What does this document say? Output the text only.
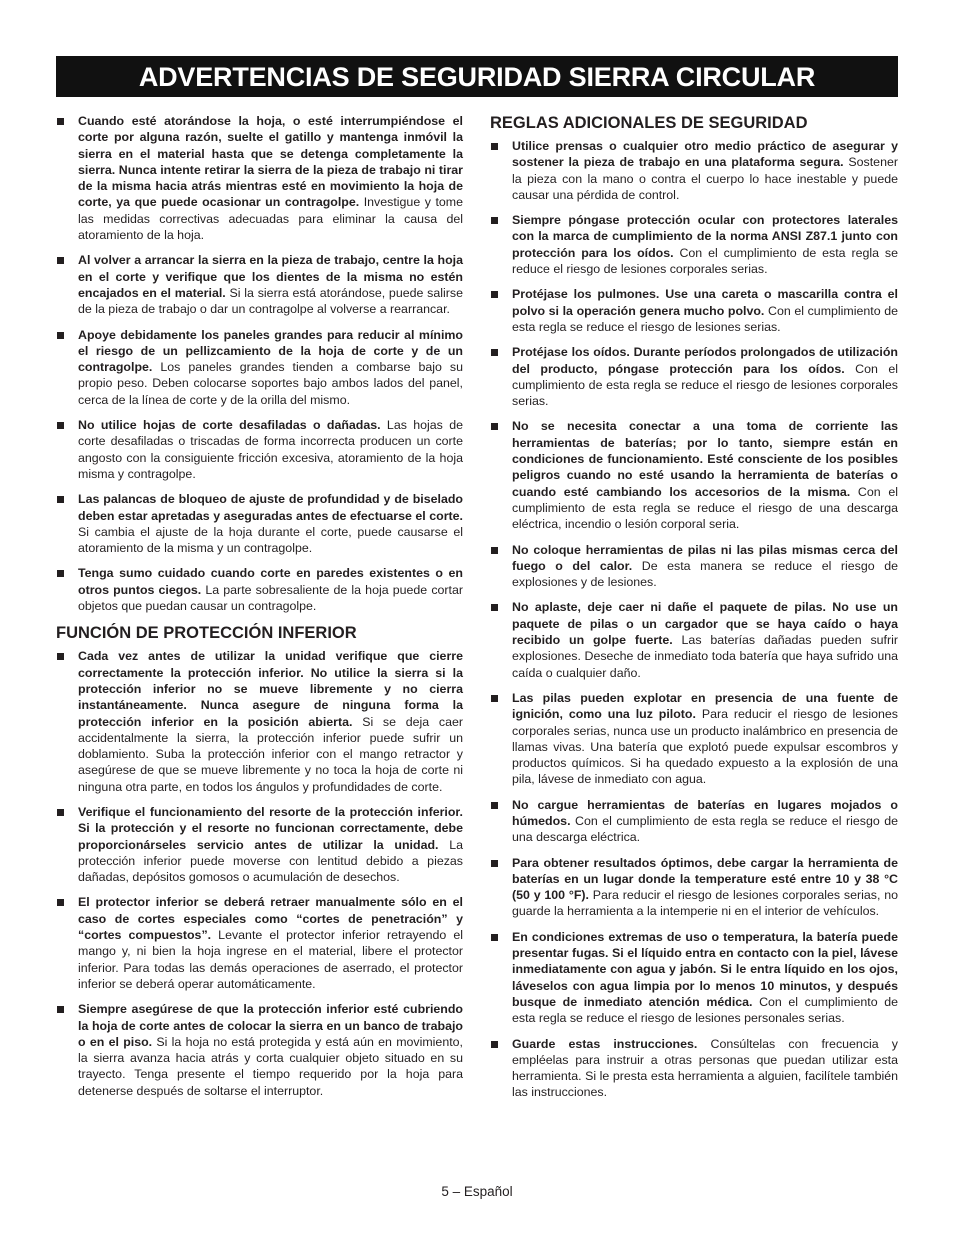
ADVERTENCIAS DE SEGURIDAD SIERRA CIRCULAR
Cuando esté atorándose la hoja, o esté interrumpiéndose el corte por alguna razón, suelte el gatillo y mantenga inmóvil la sierra en el material hasta que se detenga completamente la sierra. Nunca intente retirar la sierra de la pieza de trabajo ni tirar de la misma hacia atrás mientras esté en movimiento la hoja de corte, ya que puede ocasionar un contragolpe. Investigue y tome las medidas correctivas adecuadas para eliminar la causa del atoramiento de la hoja.
Al volver a arrancar la sierra en la pieza de trabajo, centre la hoja en el corte y verifique que los dientes de la misma no estén encajados en el material. Si la sierra está atorándose, puede salirse de la pieza de trabajo o dar un contragolpe al volverse a rearrancar.
Apoye debidamente los paneles grandes para reducir al mínimo el riesgo de un pellizcamiento de la hoja de corte y de un contragolpe. Los paneles grandes tienden a combarse bajo su propio peso. Deben colocarse soportes bajo ambos lados del panel, cerca de la línea de corte y de la orilla del mismo.
No utilice hojas de corte desafiladas o dañadas. Las hojas de corte desafiladas o triscadas de forma incorrecta producen un corte angosto con la consiguiente fricción excesiva, atoramiento de la hoja misma y contragolpe.
Las palancas de bloqueo de ajuste de profundidad y de biselado deben estar apretadas y aseguradas antes de efectuarse el corte. Si cambia el ajuste de la hoja durante el corte, puede causarse el atoramiento de la misma y un contragolpe.
Tenga sumo cuidado cuando corte en paredes existentes o en otros puntos ciegos. La parte sobresaliente de la hoja puede cortar objetos que puedan causar un contragolpe.
FUNCIÓN DE PROTECCIÓN INFERIOR
Cada vez antes de utilizar la unidad verifique que cierre correctamente la protección inferior. No utilice la sierra si la protección inferior no se mueve libremente y no cierra instantáneamente. Nunca asegure de ninguna forma la protección inferior en la posición abierta. Si se deja caer accidentalmente la sierra, la protección inferior puede sufrir un doblamiento. Suba la protección inferior con el mango retractor y asegúrese de que se mueve libremente y no toca la hoja de corte ni ninguna otra parte, en todos los ángulos y profundidades de corte.
Verifique el funcionamiento del resorte de la protección inferior. Si la protección y el resorte no funcionan correctamente, debe proporcionárseles servicio antes de utilizar la unidad. La protección inferior puede moverse con lentitud debido a piezas dañadas, depósitos gomosos o acumulación de desechos.
El protector inferior se deberá retraer manualmente sólo en el caso de cortes especiales como “cortes de penetración” y “cortes compuestos”. Levante el protector inferior retrayendo el mango y, ni bien la hoja ingrese en el material, libere el protector inferior. Para todas las demás operaciones de aserrado, el protector inferior se deberá operar automáticamente.
Siempre asegúrese de que la protección inferior esté cubriendo la hoja de corte antes de colocar la sierra en un banco de trabajo o en el piso. Si la hoja no está protegida y está aún en movimiento, la sierra avanza hacia atrás y corta cualquier objeto situado en su trayecto. Tenga presente el tiempo requerido por la hoja para detenerse después de soltarse el interruptor.
REGLAS ADICIONALES DE SEGURIDAD
Utilice prensas o cualquier otro medio práctico de asegurar y sostener la pieza de trabajo en una plataforma segura. Sostener la pieza con la mano o contra el cuerpo lo hace inestable y puede causar una pérdida de control.
Siempre póngase protección ocular con protectores laterales con la marca de cumplimiento de la norma ANSI Z87.1 junto con protección para los oídos. Con el cumplimiento de esta regla se reduce el riesgo de lesiones corporales serias.
Protéjase los pulmones. Use una careta o mascarilla contra el polvo si la operación genera mucho polvo. Con el cumplimiento de esta regla se reduce el riesgo de lesiones serias.
Protéjase los oídos. Durante períodos prolongados de utilización del producto, póngase protección para los oídos. Con el cumplimiento de esta regla se reduce el riesgo de lesiones corporales serias.
No se necesita conectar a una toma de corriente las herramientas de baterías; por lo tanto, siempre están en condiciones de funcionamiento. Esté consciente de los posibles peligros cuando no esté usando la herramienta de baterías o cuando esté cambiando los accesorios de la misma. Con el cumplimiento de esta regla se reduce el riesgo de una descarga eléctrica, incendio o lesión corporal seria.
No coloque herramientas de pilas ni las pilas mismas cerca del fuego o del calor. De esta manera se reduce el riesgo de explosiones y de lesiones.
No aplaste, deje caer ni dañe el paquete de pilas. No use un paquete de pilas o un cargador que se haya caído o haya recibido un golpe fuerte. Las baterías dañadas pueden sufrir explosiones. Deseche de inmediato toda batería que haya sufrido una caída o cualquier daño.
Las pilas pueden explotar en presencia de una fuente de ignición, como una luz piloto. Para reducir el riesgo de lesiones corporales serias, nunca use un producto inalámbrico en presencia de llamas vivas. Una batería que explotó puede expulsar escombros y productos químicos. Si ha quedado expuesto a la explosión de una pila, lávese de inmediato con agua.
No cargue herramientas de baterías en lugares mojados o húmedos. Con el cumplimiento de esta regla se reduce el riesgo de una descarga eléctrica.
Para obtener resultados óptimos, debe cargar la herramienta de baterías en un lugar donde la temperature esté entre 10 y 38 °C (50 y 100 °F). Para reducir el riesgo de lesiones corporales serias, no guarde la herramienta a la intemperie ni en el interior de vehículos.
En condiciones extremas de uso o temperatura, la batería puede presentar fugas. Si el líquido entra en contacto con la piel, lávese inmediatamente con agua y jabón. Si le entra líquido en los ojos, láveselos con agua limpia por lo menos 10 minutos, y después busque de inmediato atención médica. Con el cumplimiento de esta regla se reduce el riesgo de lesiones personales serias.
Guarde estas instrucciones. Consúltelas con frecuencia y empléelas para instruir a otras personas que puedan utilizar esta herramienta. Si le presta esta herramienta a alguien, facilítele también las instrucciones.
5 – Español
